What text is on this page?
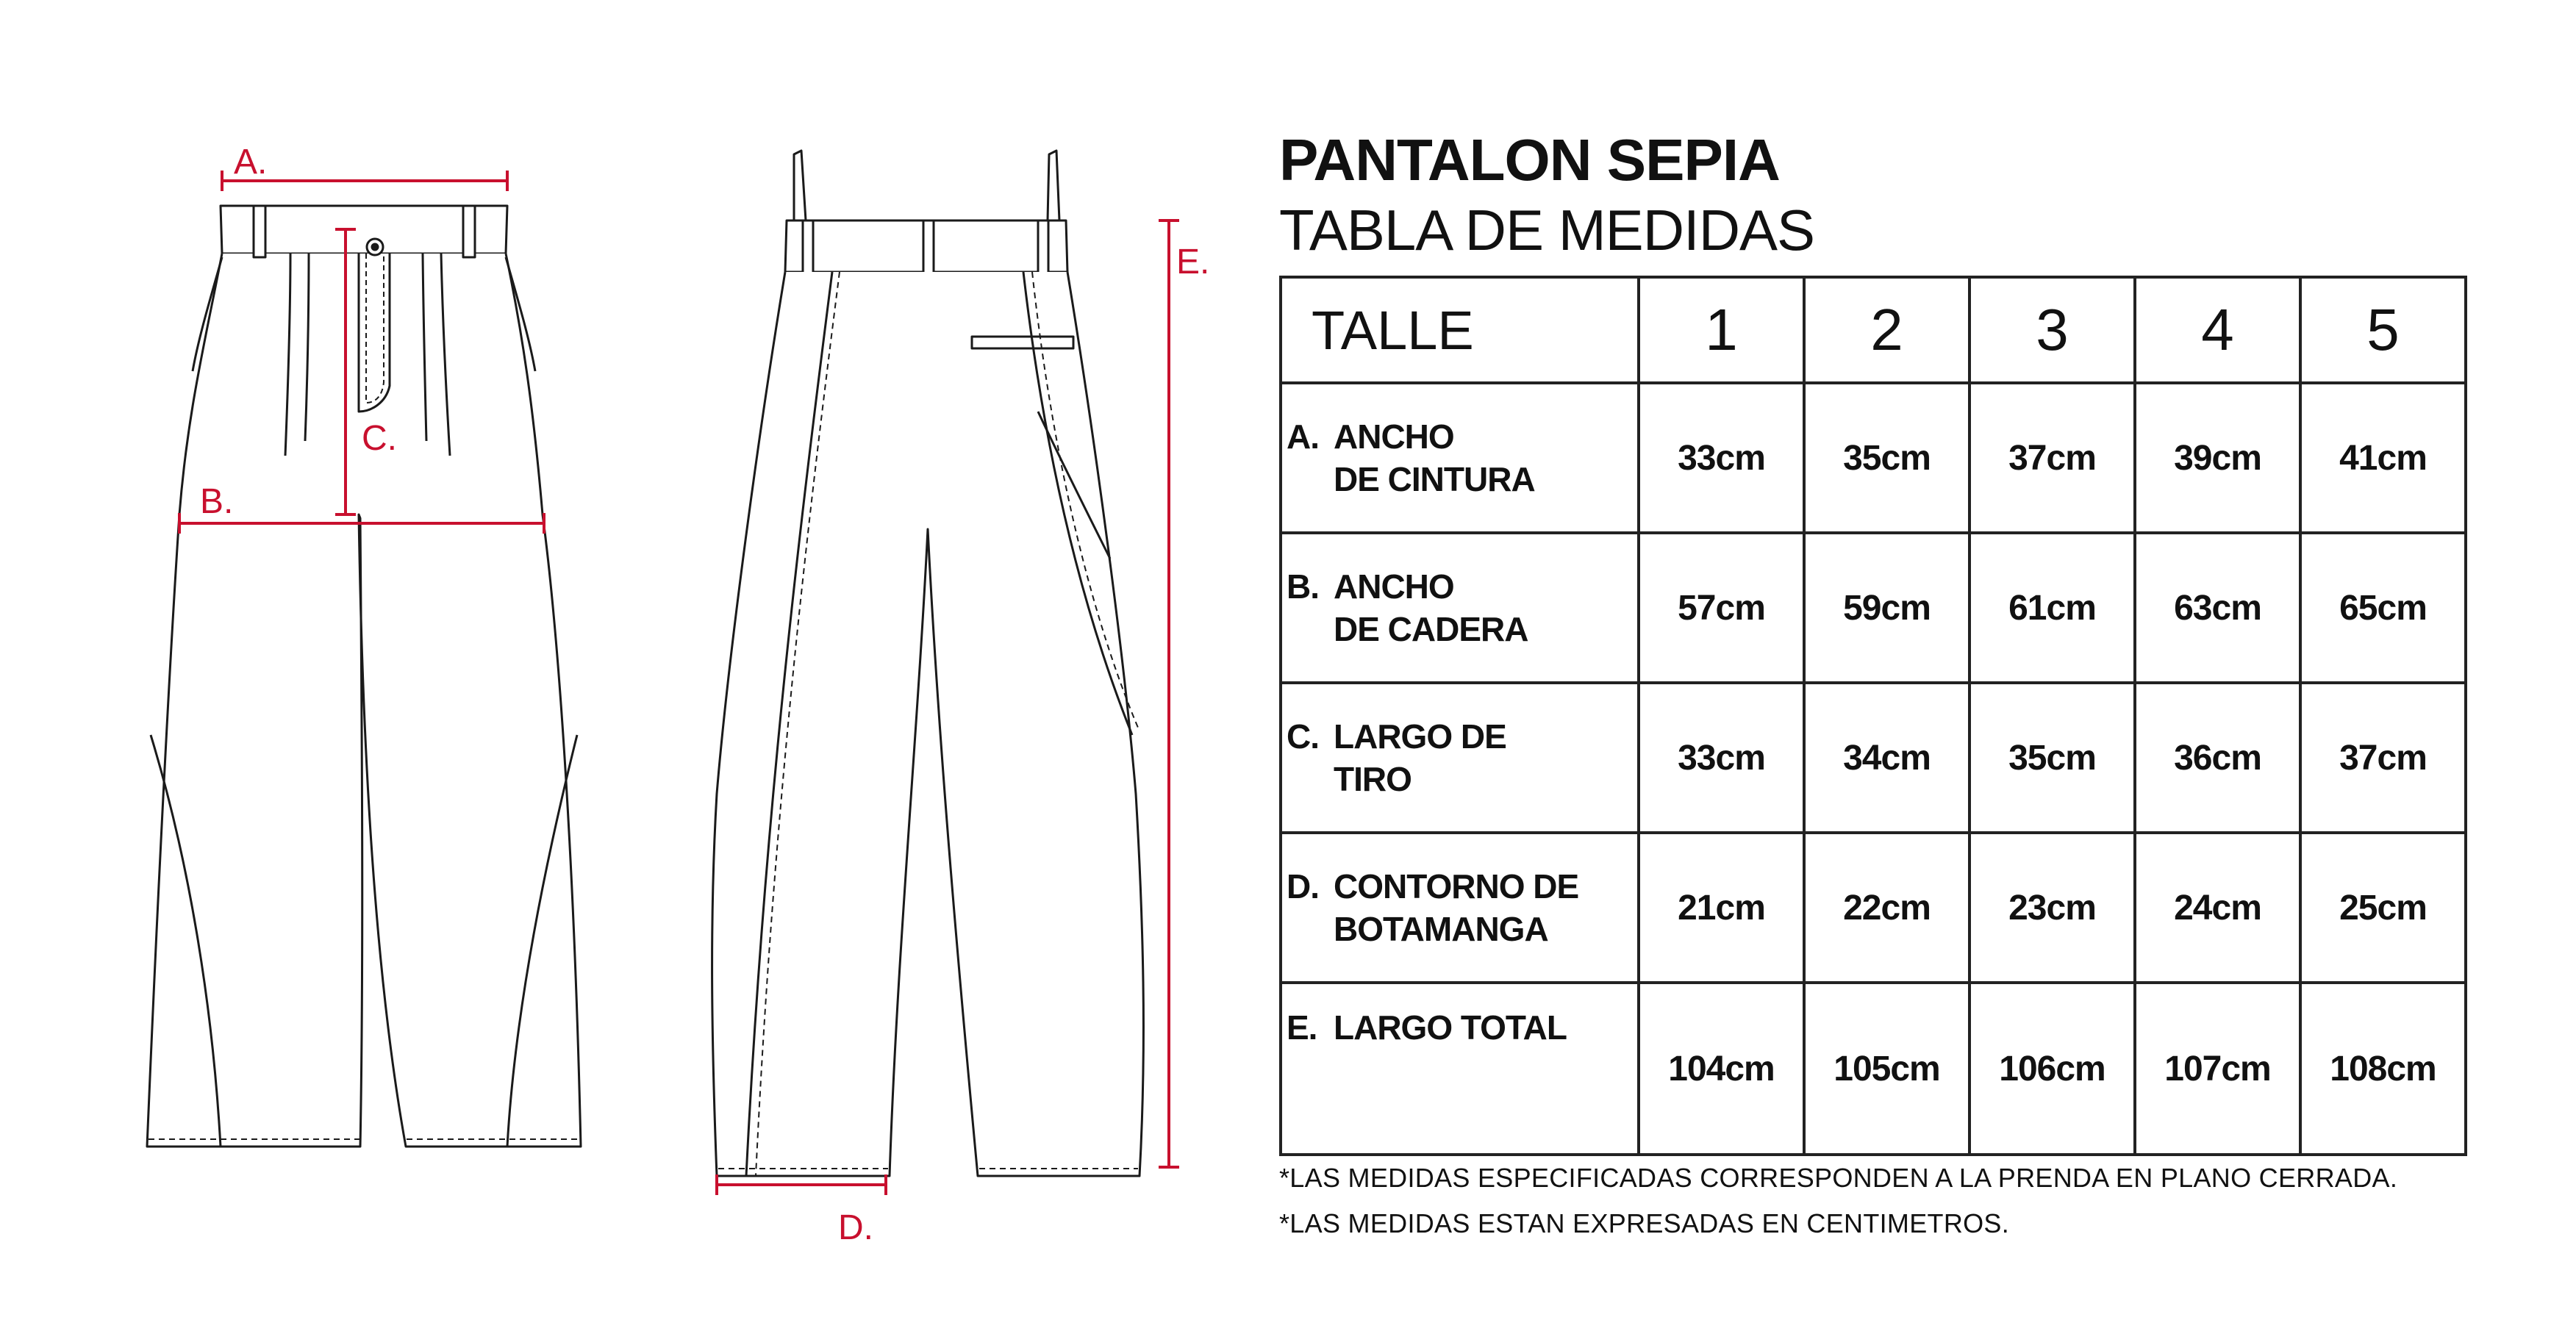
A.
B.
C.
E.
D.
PANTALON SEPIA
TABLA DE MEDIDAS
TALLE	1	2	3	4	5
A. ANCHO
DE CINTURA	33cm	35cm	37cm	39cm	41cm
B. ANCHO
DE CADERA	57cm	59cm	61cm	63cm	65cm
C. LARGO DE
TIRO	33cm	34cm	35cm	36cm	37cm
D. CONTORNO DE
BOTAMANGA	21cm	22cm	23cm	24cm	25cm
E. LARGO TOTAL	104cm	105cm	106cm	107cm	108cm
*LAS MEDIDAS ESPECIFICADAS CORRESPONDEN A LA PRENDA EN PLANO CERRADA.
*LAS MEDIDAS ESTAN EXPRESADAS EN CENTIMETROS.
